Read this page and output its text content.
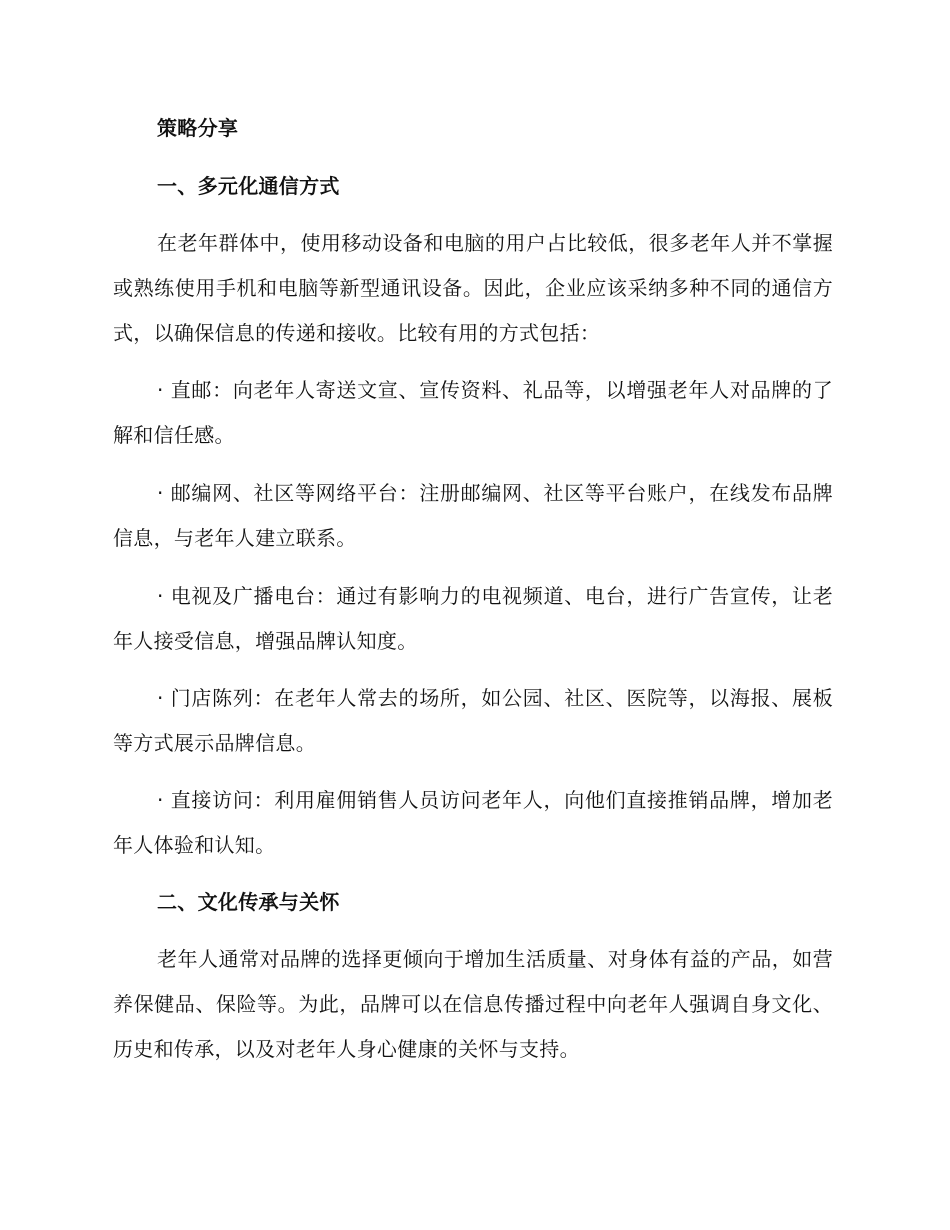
策略分享

一、多元化通信方式

在老年群体中，使用移动设备和电脑的用户占比较低，很多老年人并不掌握或熟练使用手机和电脑等新型通讯设备。因此，企业应该采纳多种不同的通信方式，以确保信息的传递和接收。比较有用的方式包括：

· 直邮：向老年人寄送文宣、宣传资料、礼品等，以增强老年人对品牌的了解和信任感。

· 邮编网、社区等网络平台：注册邮编网、社区等平台账户，在线发布品牌信息，与老年人建立联系。

· 电视及广播电台：通过有影响力的电视频道、电台，进行广告宣传，让老年人接受信息，增强品牌认知度。

· 门店陈列：在老年人常去的场所，如公园、社区、医院等，以海报、展板等方式展示品牌信息。

· 直接访问：利用雇佣销售人员访问老年人，向他们直接推销品牌，增加老年人体验和认知。

二、文化传承与关怀

老年人通常对品牌的选择更倾向于增加生活质量、对身体有益的产品，如营养保健品、保险等。为此，品牌可以在信息传播过程中向老年人强调自身文化、历史和传承，以及对老年人身心健康的关怀与支持。
